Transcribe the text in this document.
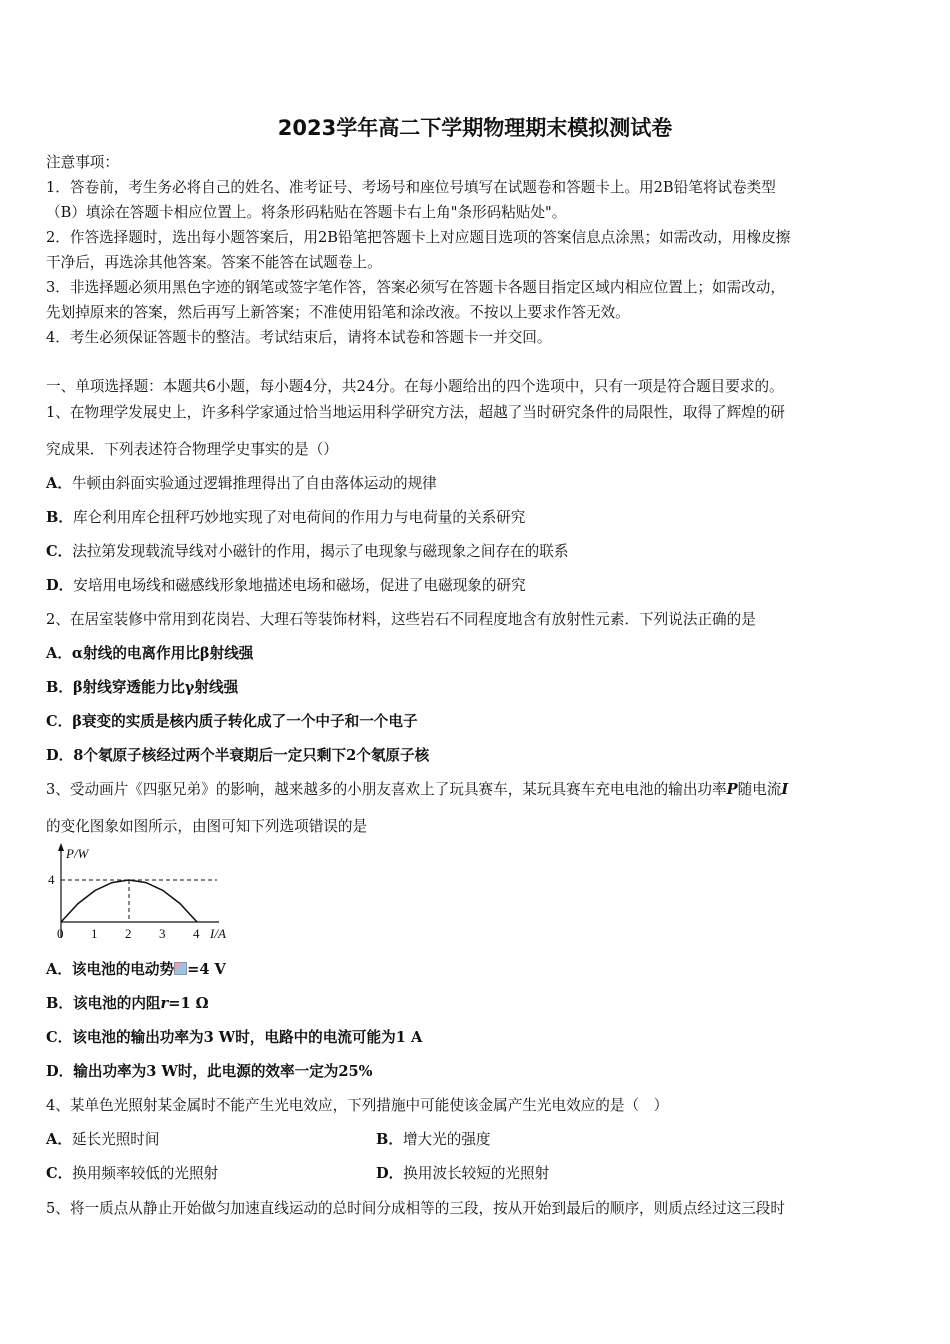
2023学年高二下学期物理期末模拟测试卷
注意事项：
1．答卷前，考生务必将自己的姓名、准考证号、考场号和座位号填写在试题卷和答题卡上。用2B铅笔将试卷类型
（B）填涂在答题卡相应位置上。将条形码粘贴在答题卡右上角"条形码粘贴处"。
2．作答选择题时，选出每小题答案后，用2B铅笔把答题卡上对应题目选项的答案信息点涂黑；如需改动，用橡皮擦
干净后，再选涂其他答案。答案不能答在试题卷上。
3．非选择题必须用黑色字迹的钢笔或签字笔作答，答案必须写在答题卡各题目指定区域内相应位置上；如需改动，
先划掉原来的答案，然后再写上新答案；不准使用铅笔和涂改液。不按以上要求作答无效。
4．考生必须保证答题卡的整洁。考试结束后，请将本试卷和答题卡一并交回。
一、单项选择题：本题共6小题，每小题4分，共24分。在每小题给出的四个选项中，只有一项是符合题目要求的。
1、在物理学发展史上，许多科学家通过恰当地运用科学研究方法，超越了当时研究条件的局限性，取得了辉煌的研
究成果．下列表述符合物理学史事实的是（）
A．牛顿由斜面实验通过逻辑推理得出了自由落体运动的规律
B．库仑利用库仑扭秤巧妙地实现了对电荷间的作用力与电荷量的关系研究
C．法拉第发现载流导线对小磁针的作用，揭示了电现象与磁现象之间存在的联系
D．安培用电场线和磁感线形象地描述电场和磁场，促进了电磁现象的研究
2、在居室装修中常用到花岗岩、大理石等装饰材料，这些岩石不同程度地含有放射性元素．下列说法正确的是
A．α射线的电离作用比β射线强
B．β射线穿透能力比γ射线强
C．β衰变的实质是核内质子转化成了一个中子和一个电子
D．8个氡原子核经过两个半衰期后一定只剩下2个氡原子核
3、受动画片《四驱兄弟》的影响，越来越多的小朋友喜欢上了玩具赛车，某玩具赛车充电电池的输出功率P随电流I
的变化图象如图所示，由图可知下列选项错误的是
P/W
I/A
0 1 2 3 4
4
A．该电池的电动势 =4 V
B．该电池的内阻r=1 Ω
C．该电池的输出功率为3 W时，电路中的电流可能为1 A
D．输出功率为3 W时，此电源的效率一定为25%
4、某单色光照射某金属时不能产生光电效应，下列措施中可能使该金属产生光电效应的是（　）
A．延长光照时间	B．增大光的强度
C．换用频率较低的光照射	D．换用波长较短的光照射
5、将一质点从静止开始做匀加速直线运动的总时间分成相等的三段，按从开始到最后的顺序，则质点经过这三段时
